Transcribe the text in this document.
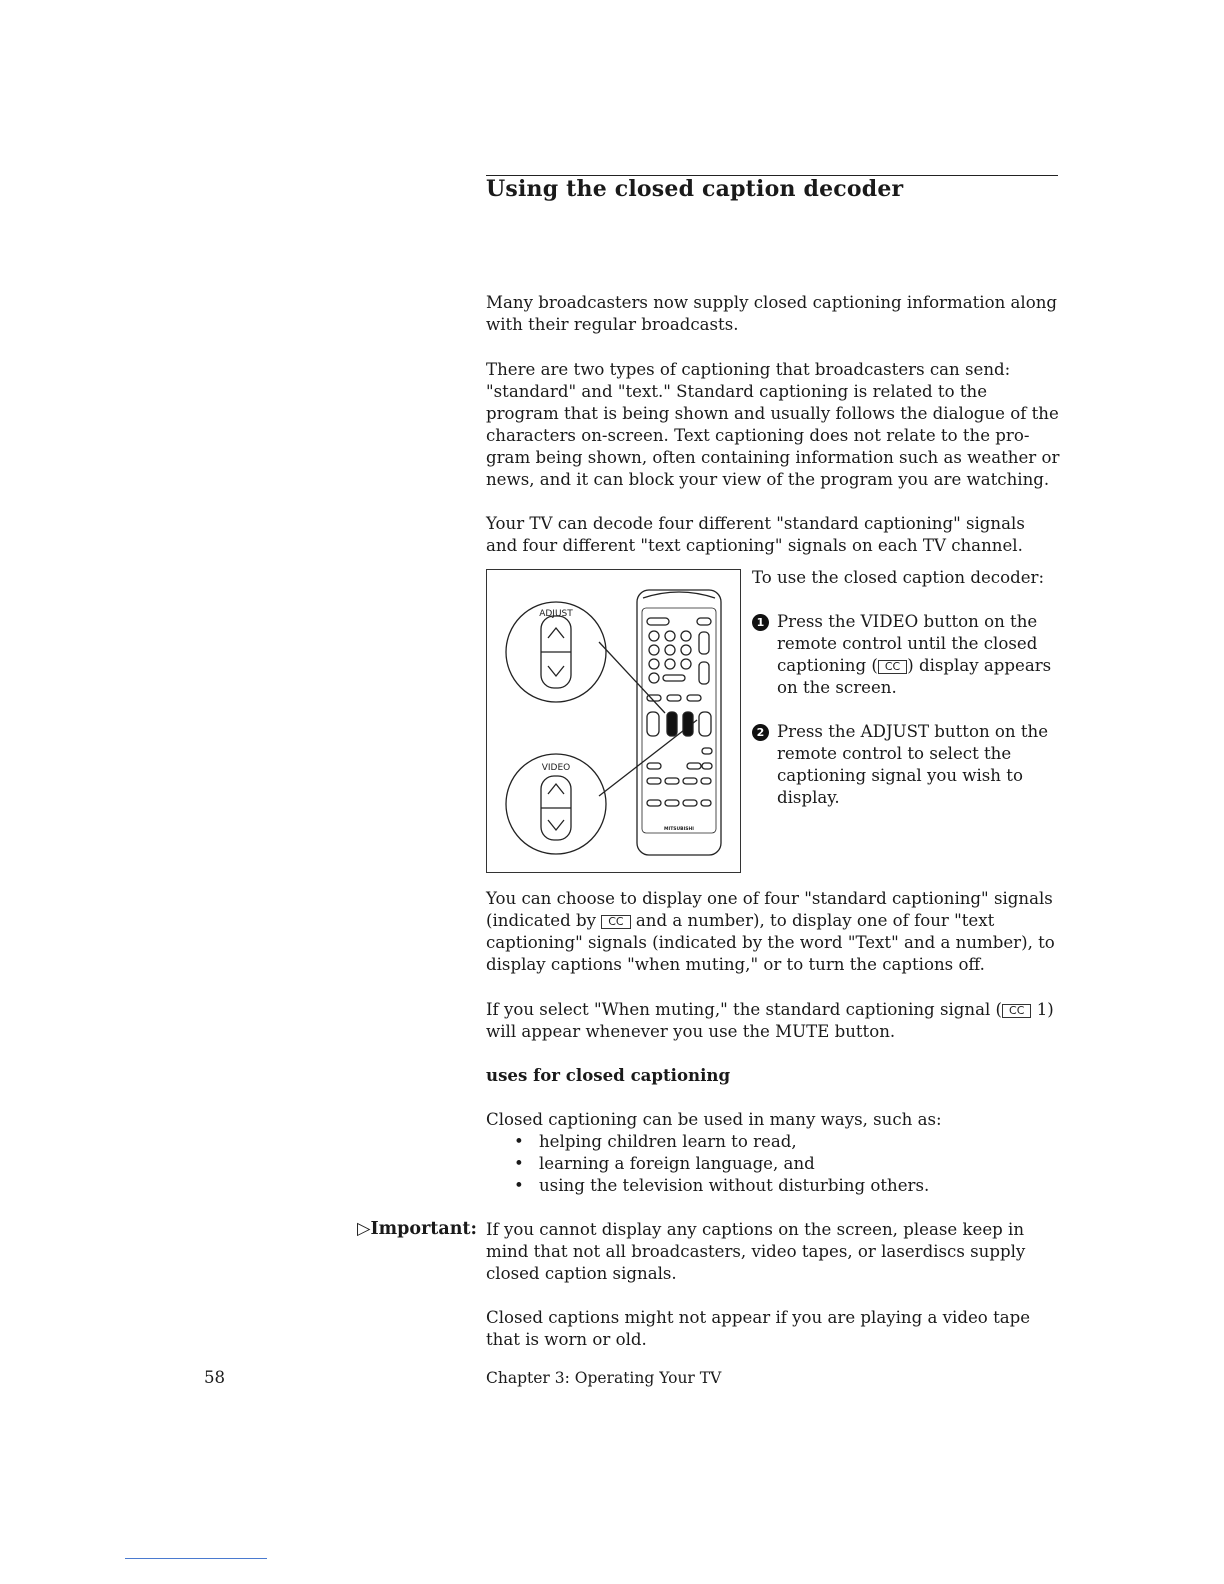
Using the closed caption decoder

Many broadcasters now supply closed captioning information along
with their regular broadcasts.

There are two types of captioning that broadcasters can send:
"standard" and "text." Standard captioning is related to the
program that is being shown and usually follows the dialogue of the
characters on-screen. Text captioning does not relate to the pro-
gram being shown, often containing information such as weather or
news, and it can block your view of the program you are watching.

Your TV can decode four different "standard captioning" signals
and four different "text captioning" signals on each TV channel.

ADJUST
VIDEO
MITSUBISHI
To use the closed caption decoder:
1 Press the VIDEO button on the
remote control until the closed
captioning ( CC ) display appears
on the screen.
2 Press the ADJUST button on the
remote control to select the
captioning signal you wish to
display.

You can choose to display one of four "standard captioning" signals
(indicated by CC and a number), to display one of four "text
captioning" signals (indicated by the word "Text" and a number), to
display captions "when muting," or to turn the captions off.

If you select "When muting," the standard captioning signal ( CC 1)
will appear whenever you use the MUTE button.

uses for closed captioning

Closed captioning can be used in many ways, such as:

• helping children learn to read,
• learning a foreign language, and
• using the television without disturbing others.
▷Important: If you cannot display any captions on the screen, please keep in
mind that not all broadcasters, video tapes, or laserdiscs supply
closed caption signals.

Closed captions might not appear if you are playing a video tape
that is worn or old.

58	Chapter 3: Operating Your TV
